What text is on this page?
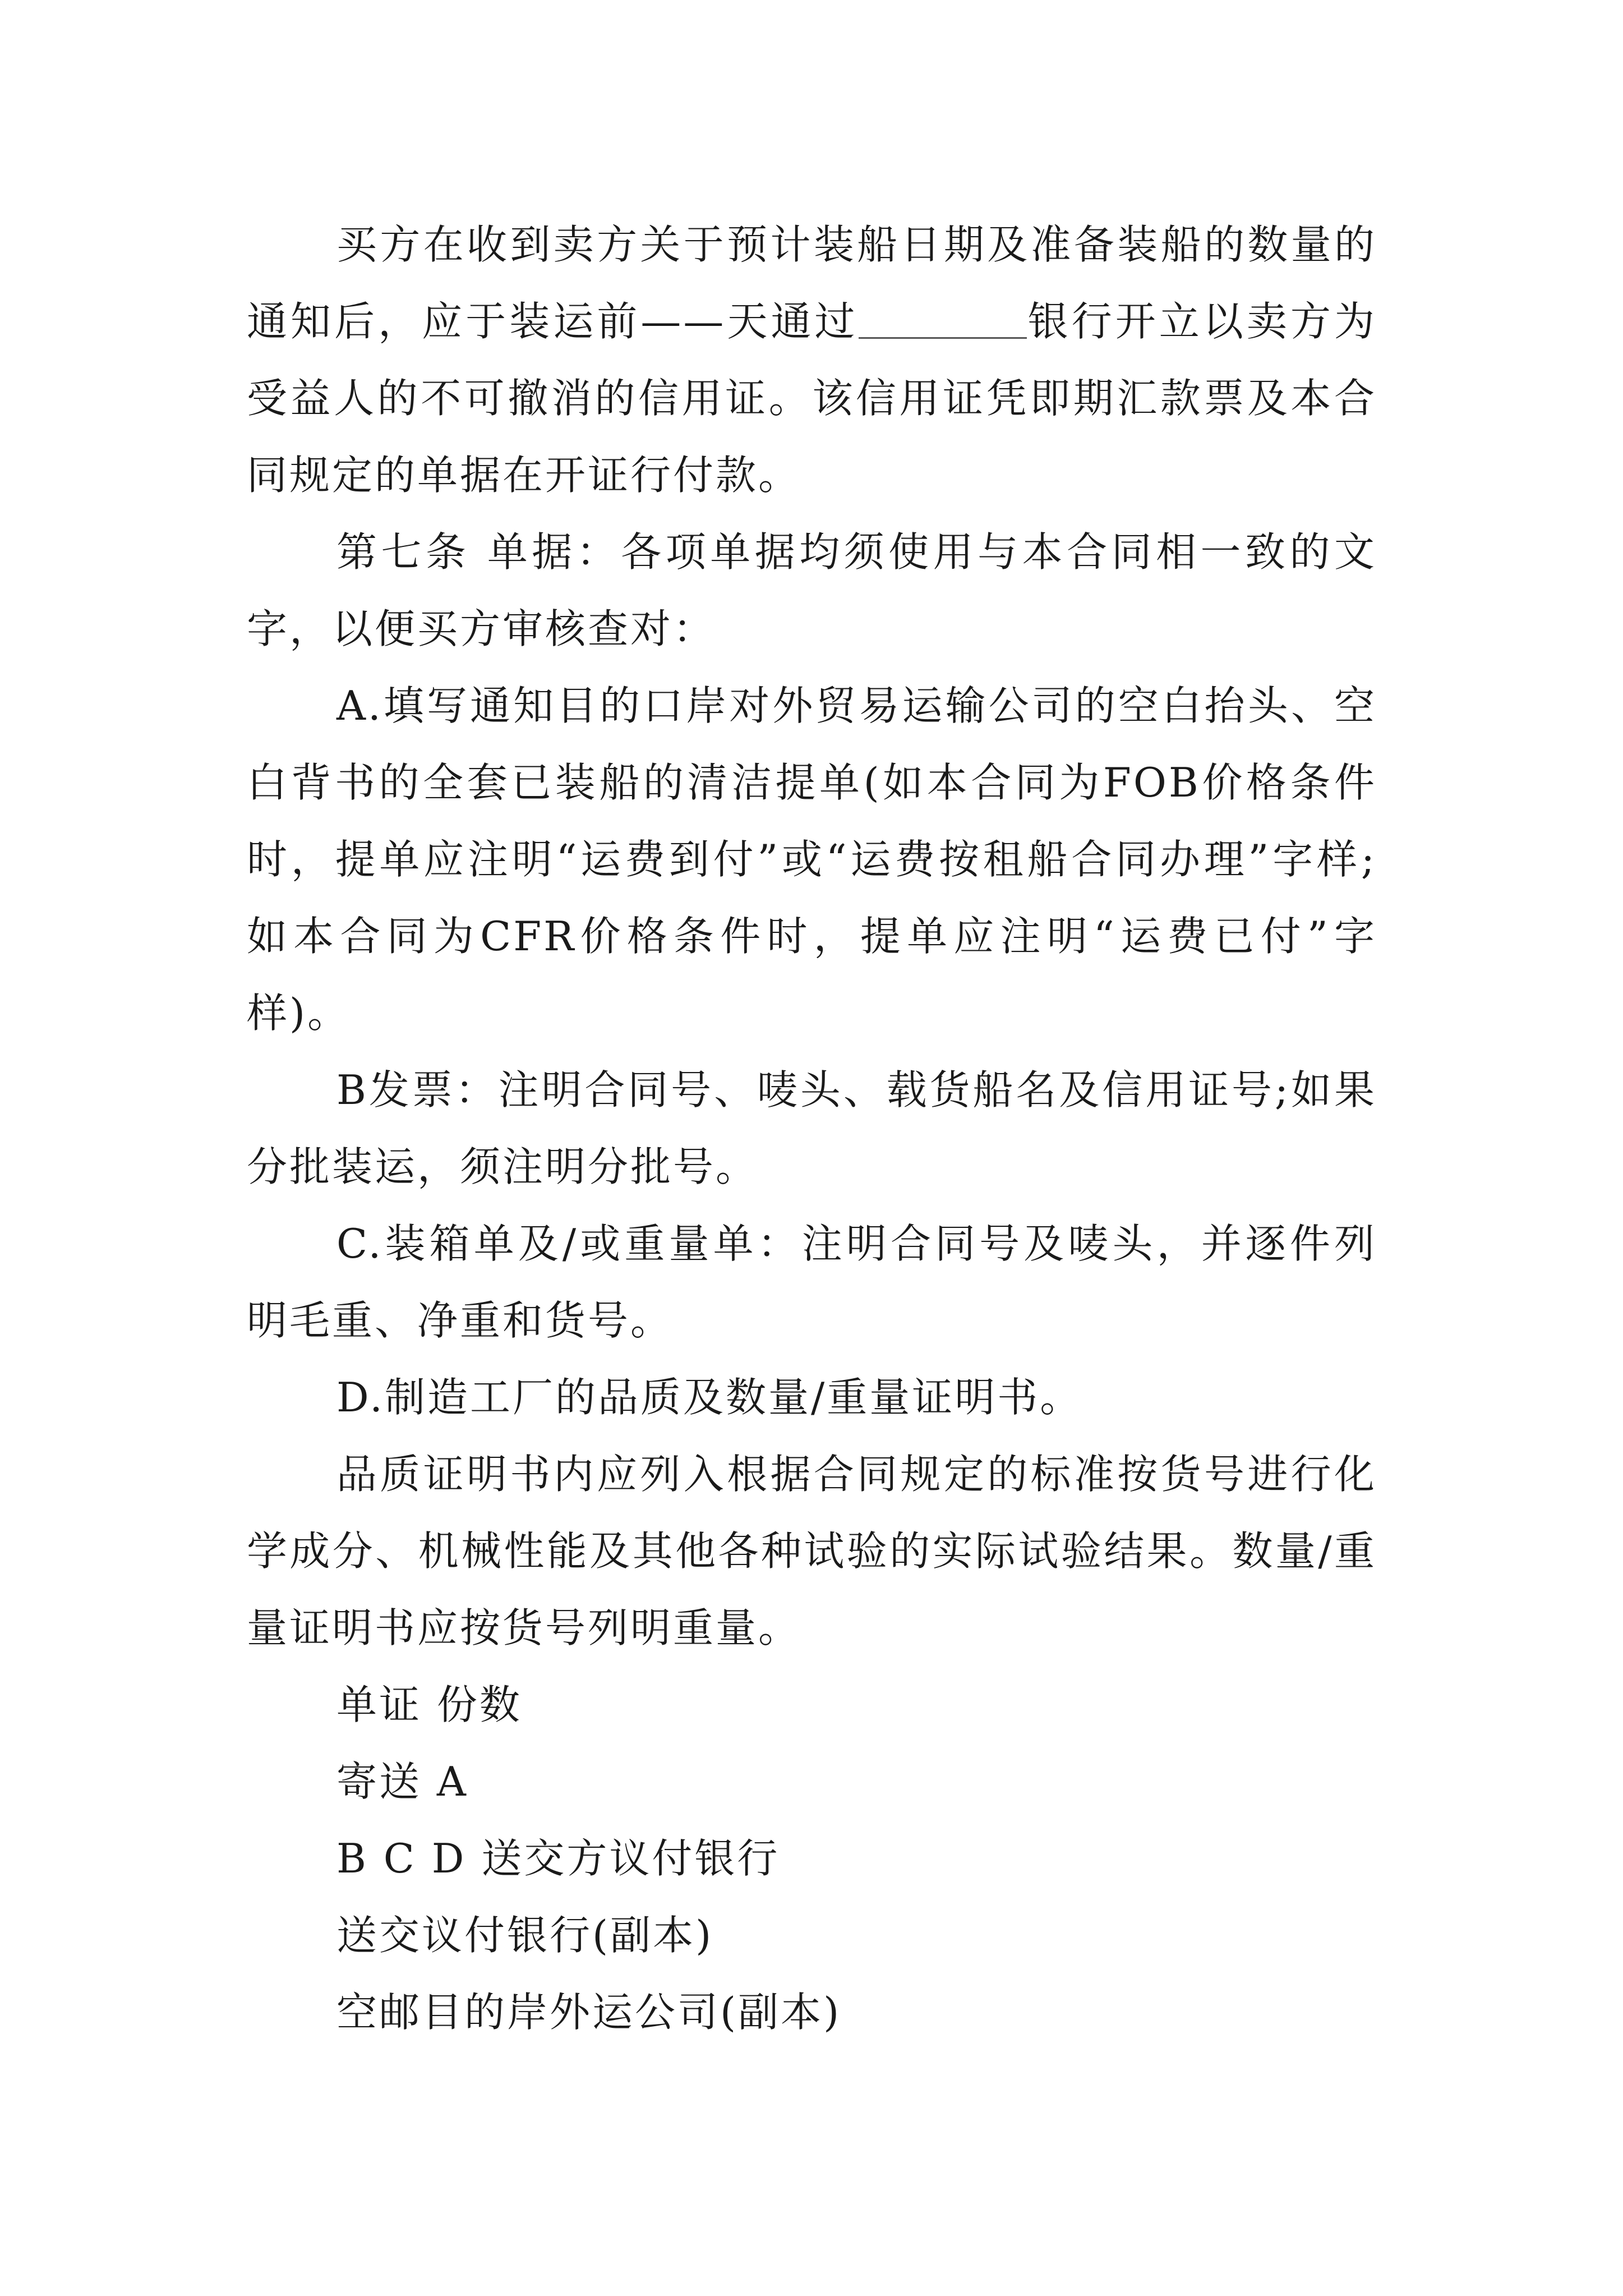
买方在收到卖方关于预计装船日期及准备装船的数量的通知后，应于装运前——天通过	银行开立以卖方为受益人的不可撤消的信用证。该信用证凭即期汇款票及本合同规定的单据在开证行付款。

第七条 单据：各项单据均须使用与本合同相一致的文字，以便买方审核查对：

A.填写通知目的口岸对外贸易运输公司的空白抬头、空白背书的全套已装船的清洁提单(如本合同为FOB价格条件时，提单应注明“运费到付”或“运费按租船合同办理”字样;如本合同为CFR价格条件时，提单应注明“运费已付”字样)。

B发票：注明合同号、唛头、载货船名及信用证号;如果分批装运，须注明分批号。

C.装箱单及/或重量单：注明合同号及唛头，并逐件列明毛重、净重和货号。

D.制造工厂的品质及数量/重量证明书。

品质证明书内应列入根据合同规定的标准按货号进行化学成分、机械性能及其他各种试验的实际试验结果。数量/重量证明书应按货号列明重量。

单证 份数

寄送 A

B C D 送交方议付银行

送交议付银行(副本)

空邮目的岸外运公司(副本)
